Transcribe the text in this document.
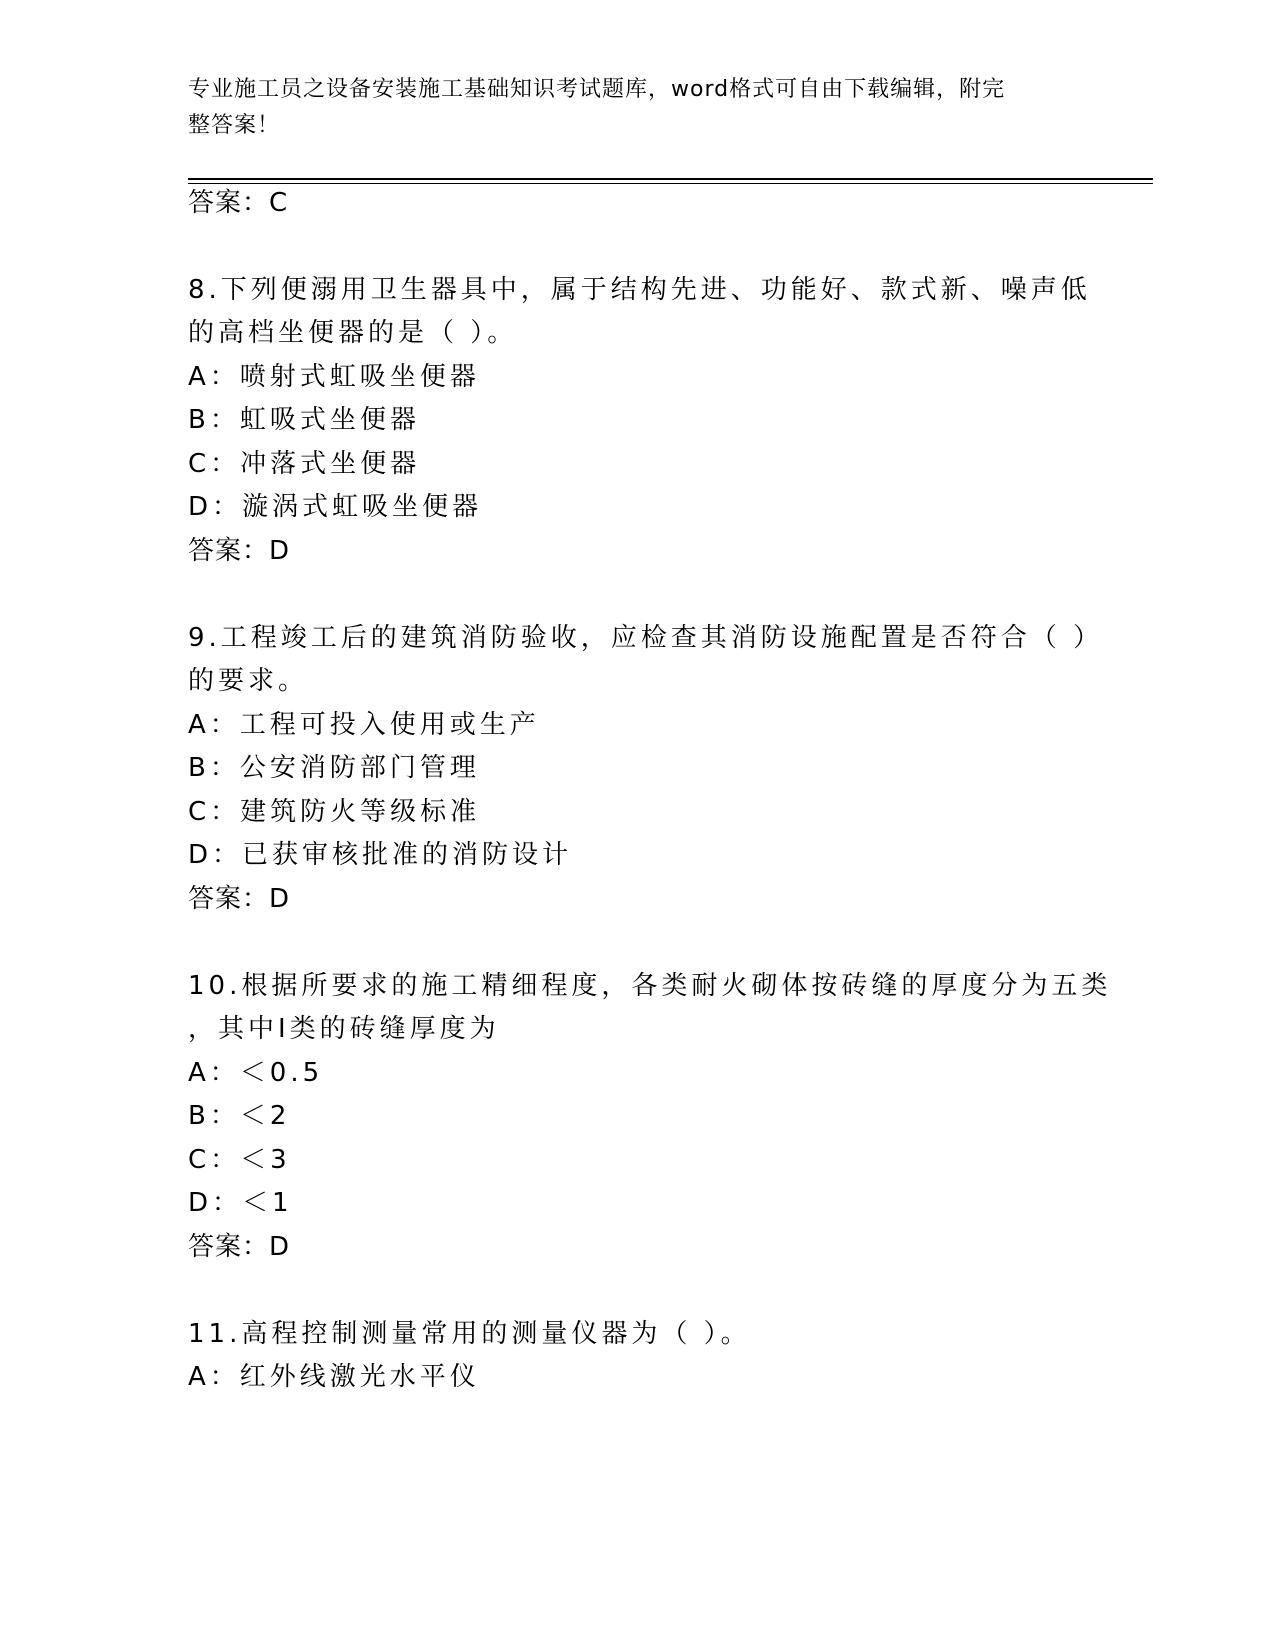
专业施工员之设备安装施工基础知识考试题库，word格式可自由下载编辑，附完
整答案！
答案：C
8.下列便溺用卫生器具中，属于结构先进、功能好、款式新、噪声低
的高档坐便器的是（ ）。
A：喷射式虹吸坐便器
B：虹吸式坐便器
C：冲落式坐便器
D：漩涡式虹吸坐便器
答案：D
9.工程竣工后的建筑消防验收，应检查其消防设施配置是否符合（ ）
的要求。
A：工程可投入使用或生产
B：公安消防部门管理
C：建筑防火等级标准
D：已获审核批准的消防设计
答案：D
10.根据所要求的施工精细程度，各类耐火砌体按砖缝的厚度分为五类
，其中Ⅰ类的砖缝厚度为
A：＜0.5
B：＜2
C：＜3
D：＜1
答案：D
11.高程控制测量常用的测量仪器为（ ）。
A：红外线激光水平仪
